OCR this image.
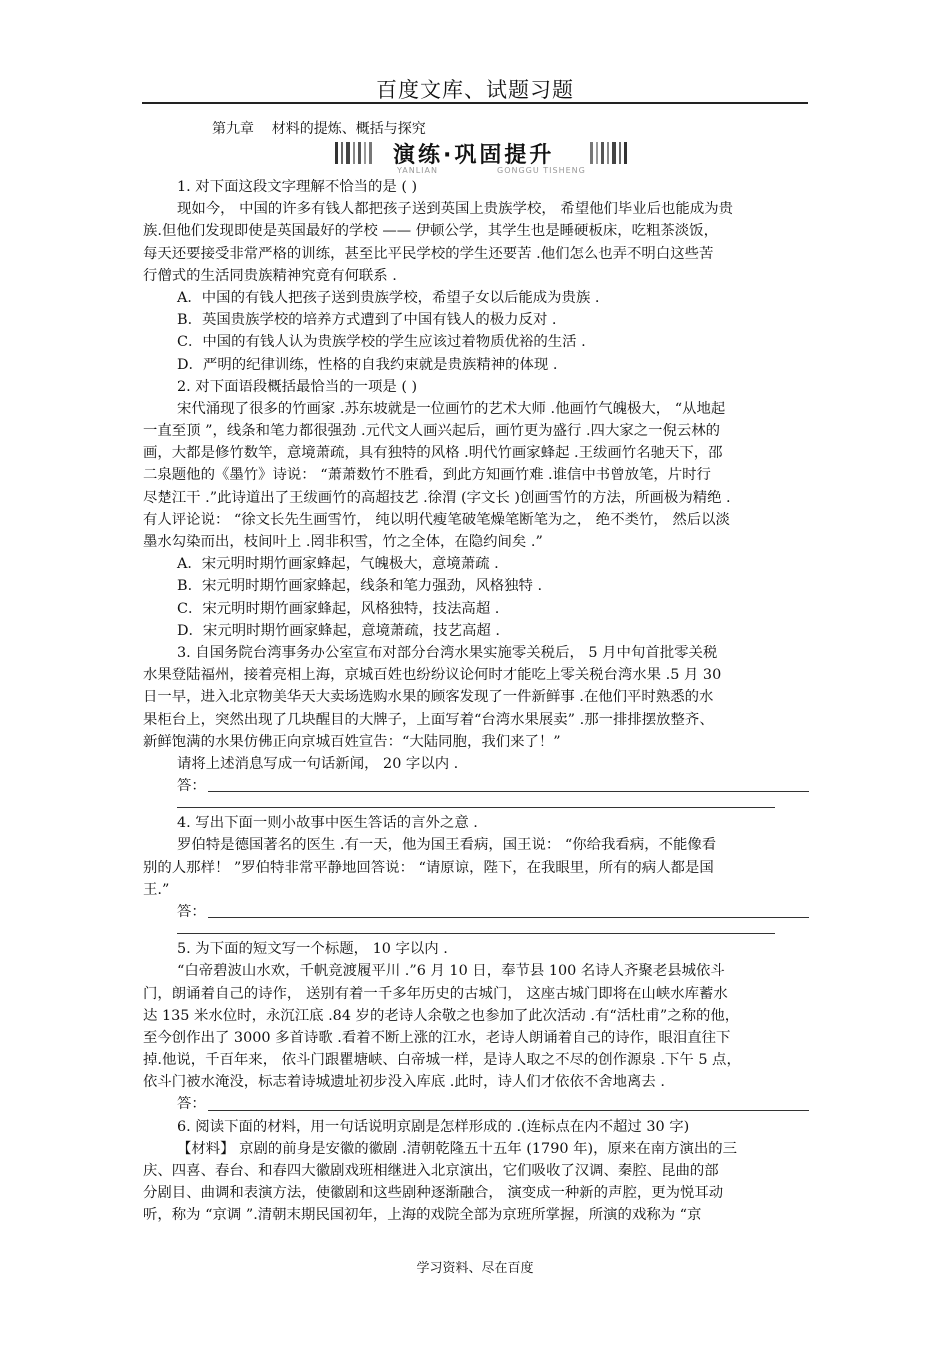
百度文库、试题习题
第九章    材料的提炼、概括与探究
演练·巩固提升
YANLIAN	GONGGU TISHENG
1. 对下面这段文字理解不恰当的是 ( )
现如今， 中国的许多有钱人都把孩子送到英国上贵族学校， 希望他们毕业后也能成为贵
族.但他们发现即使是英国最好的学校 —— 伊顿公学，其学生也是睡硬板床，吃粗茶淡饭，
每天还要接受非常严格的训练，甚至比平民学校的学生还要苦 .他们怎么也弄不明白这些苦
行僧式的生活同贵族精神究竟有何联系 .
A．中国的有钱人把孩子送到贵族学校，希望子女以后能成为贵族 .
B．英国贵族学校的培养方式遭到了中国有钱人的极力反对 .
C．中国的有钱人认为贵族学校的学生应该过着物质优裕的生活 .
D．严明的纪律训练，性格的自我约束就是贵族精神的体现 .
2. 对下面语段概括最恰当的一项是 ( )
宋代涌现了很多的竹画家 .苏东坡就是一位画竹的艺术大师 .他画竹气魄极大， “从地起
一直至顶 ”，线条和笔力都很强劲 .元代文人画兴起后，画竹更为盛行 .四大家之一倪云林的
画，大都是修竹数竿，意境萧疏，具有独特的风格 .明代竹画家蜂起 .王绂画竹名驰天下，邵
二泉题他的《墨竹》诗说： “萧萧数竹不胜看，到此方知画竹难 .谁信中书曾放笔，片时行
尽楚江干 .”此诗道出了王绂画竹的高超技艺 .徐渭 (字文长 )创画雪竹的方法，所画极为精绝 .
有人评论说： “徐文长先生画雪竹， 纯以明代瘦笔破笔燥笔断笔为之， 绝不类竹， 然后以淡
墨水勾染而出，枝间叶上 .罔非积雪，竹之全体，在隐约间矣 .”
A．宋元明时期竹画家蜂起，气魄极大，意境萧疏 .
B．宋元明时期竹画家蜂起，线条和笔力强劲，风格独特 .
C．宋元明时期竹画家蜂起，风格独特，技法高超 .
D．宋元明时期竹画家蜂起，意境萧疏，技艺高超 .
3. 自国务院台湾事务办公室宣布对部分台湾水果实施零关税后， 5 月中旬首批零关税
水果登陆福州，接着亮相上海，京城百姓也纷纷议论何时才能吃上零关税台湾水果 .5 月 30
日一早，进入北京物美华天大卖场选购水果的顾客发现了一件新鲜事 .在他们平时熟悉的水
果柜台上，突然出现了几块醒目的大牌子，上面写着“台湾水果展卖” .那一排排摆放整齐、
新鲜饱满的水果仿佛正向京城百姓宣告：“大陆同胞，我们来了！”
请将上述消息写成一句话新闻， 20 字以内 .
答：
4. 写出下面一则小故事中医生答话的言外之意 .
罗伯特是德国著名的医生 .有一天，他为国王看病，国王说： “你给我看病，不能像看
别的人那样！ ”罗伯特非常平静地回答说： “请原谅，陛下，在我眼里，所有的病人都是国
王.”
答：
5. 为下面的短文写一个标题， 10 字以内 .
“白帝碧波山水欢，千帆竞渡履平川 .”6 月 10 日，奉节县 100 名诗人齐聚老县城依斗
门，朗诵着自己的诗作， 送别有着一千多年历史的古城门， 这座古城门即将在山峡水库蓄水
达 135 米水位时，永沉江底 .84 岁的老诗人余敬之也参加了此次活动 .有“活杜甫”之称的他，
至今创作出了 3000 多首诗歌 .看着不断上涨的江水，老诗人朗诵着自己的诗作，眼泪直往下
掉.他说，千百年来， 依斗门跟瞿塘峡、白帝城一样，是诗人取之不尽的创作源泉 .下午 5 点，
依斗门被水淹没，标志着诗城遗址初步没入库底 .此时，诗人们才依依不舍地离去 .
答：
6. 阅读下面的材料，用一句话说明京剧是怎样形成的 .(连标点在内不超过 30 字)
【材料】 京剧的前身是安徽的徽剧 .清朝乾隆五十五年 (1790 年)，原来在南方演出的三
庆、四喜、春台、和春四大徽剧戏班相继进入北京演出，它们吸收了汉调、秦腔、昆曲的部
分剧目、曲调和表演方法，使徽剧和这些剧种逐渐融合， 演变成一种新的声腔，更为悦耳动
听，称为 “京调 ”.清朝末期民国初年，上海的戏院全部为京班所掌握，所演的戏称为 “京
学习资料、尽在百度
